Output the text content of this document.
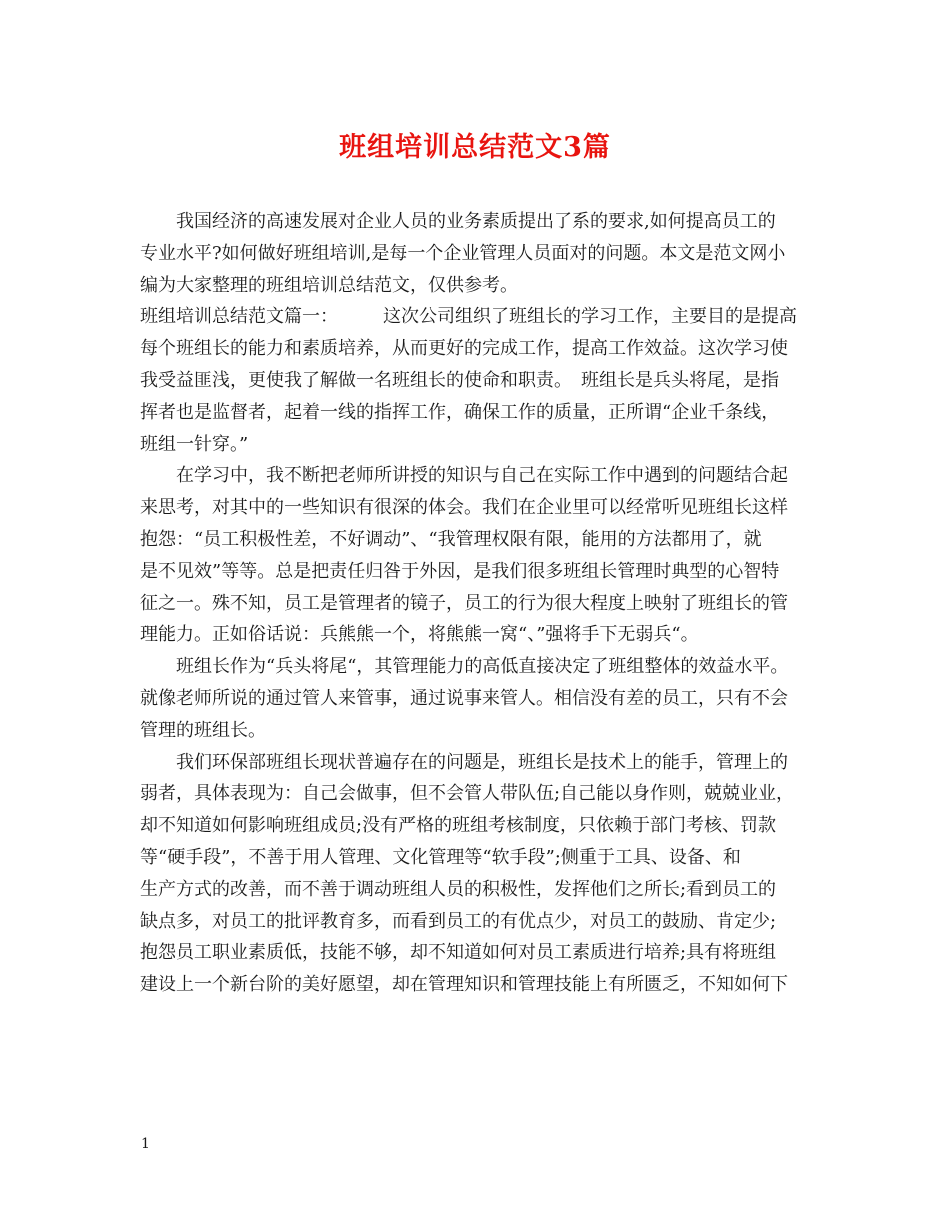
班组培训总结范文3篇
我国经济的高速发展对企业人员的业务素质提出了系的要求,如何提高员工的
专业水平?如何做好班组培训,是每一个企业管理人员面对的问题。本文是范文网小
编为大家整理的班组培训总结范文，仅供参考。
班组培训总结范文篇一：　　　这次公司组织了班组长的学习工作，主要目的是提高
每个班组长的能力和素质培养，从而更好的完成工作，提高工作效益。这次学习使
我受益匪浅，更使我了解做一名班组长的使命和职责。　班组长是兵头将尾，是指
挥者也是监督者，起着一线的指挥工作，确保工作的质量，正所谓“企业千条线，
班组一针穿。”
在学习中，我不断把老师所讲授的知识与自己在实际工作中遇到的问题结合起
来思考，对其中的一些知识有很深的体会。我们在企业里可以经常听见班组长这样
抱怨：“员工积极性差，不好调动”、“我管理权限有限，能用的方法都用了，就
是不见效”等等。总是把责任归咎于外因，是我们很多班组长管理时典型的心智特
征之一。殊不知，员工是管理者的镜子，员工的行为很大程度上映射了班组长的管
理能力。正如俗话说：兵熊熊一个，将熊熊一窝“、”强将手下无弱兵“。
班组长作为“兵头将尾“，其管理能力的高低直接决定了班组整体的效益水平。
就像老师所说的通过管人来管事，通过说事来管人。相信没有差的员工，只有不会
管理的班组长。
我们环保部班组长现状普遍存在的问题是，班组长是技术上的能手，管理上的
弱者，具体表现为：自己会做事，但不会管人带队伍;自己能以身作则，兢兢业业，
却不知道如何影响班组成员;没有严格的班组考核制度，只依赖于部门考核、罚款
等“硬手段”，不善于用人管理、文化管理等“软手段”;侧重于工具、设备、和
生产方式的改善，而不善于调动班组人员的积极性，发挥他们之所长;看到员工的
缺点多，对员工的批评教育多，而看到员工的有优点少，对员工的鼓励、肯定少;
抱怨员工职业素质低，技能不够，却不知道如何对员工素质进行培养;具有将班组
建设上一个新台阶的美好愿望，却在管理知识和管理技能上有所匮乏，不知如何下
1
